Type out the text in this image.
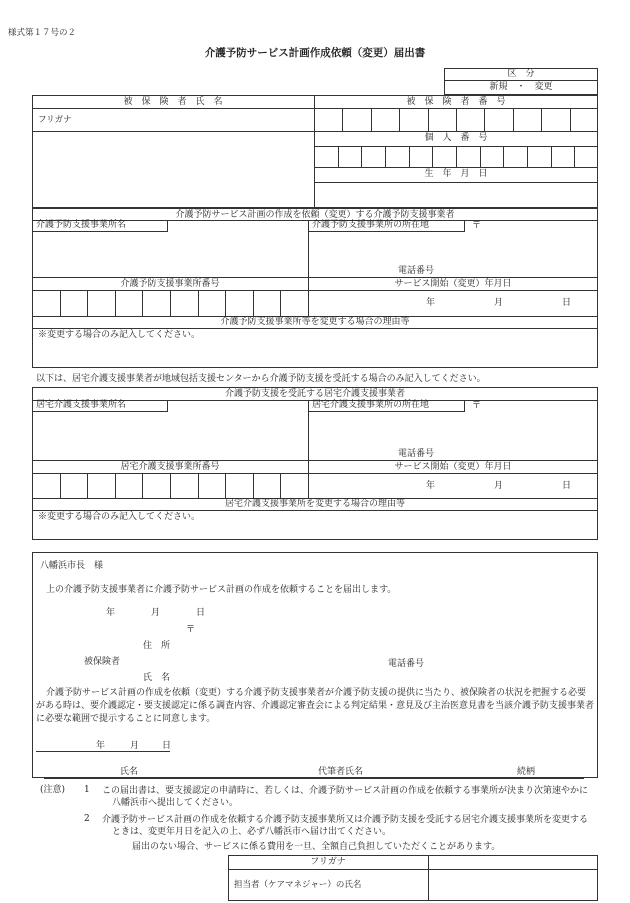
様式第１７号の２
介護予防サービス計画作成依頼（変更）届出書
区　分
新規　・　変更
被　保　険　者　氏　名	被　保　険　者　番　号
フリガナ
個　人　番　号
生　年　月　日
介護予防サービス計画の作成を依頼（変更）する介護予防支援事業者
介護予防支援事業所名	介護予防支援事業所の所在地	〒
電話番号
介護予防支援事業所番号	サービス開始（変更）年月日
年	月	日
介護予防支援事業所等を変更する場合の理由等
※変更する場合のみ記入してください。
以下は、居宅介護支援事業者が地域包括支援センターから介護予防支援を受託する場合のみ記入してください。
介護予防支援を受託する居宅介護支援事業者
居宅介護支援事業所名	居宅介護支援事業所の所在地	〒
電話番号
居宅介護支援事業所番号	サービス開始（変更）年月日
年	月	日
居宅介護支援事業所を変更する場合の理由等
※変更する場合のみ記入してください。
八幡浜市長　様
上の介護予防支援事業者に介護予防サービス計画の作成を依頼することを届出します。
年	月	日
〒
住　所
被保険者	電話番号
氏　名
介護予防サービス計画の作成を依頼（変更）する介護予防支援事業者が介護予防支援の提供に当たり、被保険者の状況を把握する必要がある時は、要介護認定・要支援認定に係る調査内容、介護認定審査会による判定結果・意見及び主治医意見書を当該介護予防支援事業者に必要な範囲で提示することに同意します。
年	月	日
氏名	代筆者氏名	続柄
(注意) 1 この届出書は、要支援認定の申請時に、若しくは、介護予防サービス計画の作成を依頼する事業所が決まり次第速やかに八幡浜市へ提出してください。
2 介護予防サービス計画の作成を依頼する介護予防支援事業所又は介護予防支援を受託する居宅介護支援事業所を変更するときは、変更年月日を記入の上、必ず八幡浜市へ届け出てください。
届出のない場合、サービスに係る費用を一旦、全額自己負担していただくことがあります。
フリガナ
担当者（ケアマネジャー）の氏名
